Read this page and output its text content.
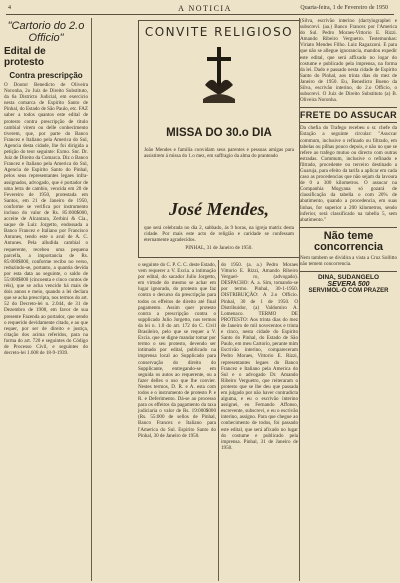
4	A NOTICIA	Quarta-feira, 1 de Fevereiro de 1950
"Cartorio do 2.o Officio"
Edital de protesto
Contra prescripção
O Doutor Benedicto de Oliveira Noronha, 2o Juiz de Direito Substituto, da 6a Districto Judicial, em exercicio nesta comarca de Espirito Santo de Pinhal, do Estado de São Paulo, etc. FAZ saber a todos quantos este edital de protesto contra prescripção de titulo cambial virem ou delle conhecimento tiverem, que, por parte do Banco Francez e Italiano pela America do Sul, Agencia desta cidade, lhe foi dirigida a petição do teor seguinte: Exmo. Snr. Dr. Juiz de Direito da Comarca. Diz o Banco Francez e Italiano pela America do Sul, Agencia de Espirito Santo do Pinhal, pelos seus representantes legaes infra-assignados, advogado, que é portador de uma letra de cambio, vencida em 20 de Fevereiro de 1950, protestada em Santos, em 21 de Janeiro de 1950, conforme se verifica por instrumento incluso do valor de Rs. 85:000$000, acceite de Alcantara, Zerbini & Cia., saque de Luiz Jorgetto, endossada a Banco Francez e Italiano por Francisco Antunes, tendo este o aval de A. C. Antunes. Pela alludida cambial o requerente, recebeu uma pequena parcella, a importancia de Rs. 85:000$000, conforme recibo no verso, reduzindo-se, portanto, a quantia devida por esta data ao seguinte, o saldo de 55:000$000 (cincoenta e cinco contos de réis), que se acha vencido há mais de dois annos e meio, quando a lei declara que se acha prescripta, nos termos do art. 52 do Decreto-lei n. 2.044, de 31 de Dezembro de 1908, em favor de sua presente Fazenda ao portador, que sendo o requerido devidamente citado, e ao que requer, por ser de direito e justiça, citação dos acima referidos, para na forma do art. 720 e seguintes do Código de Processo Civil, e seguintes do decreto-lei 1.608 de 18-9-1939.
CONVITE RELIGIOSO
MISSA DO 30.o DIA
João Mendes e familia convidam seus parentes e pessoas amigas para assistirem á missa do 1.o mez, em suffragio da alma do pranteado
José Mendes,
que será celebrada no dia 2, sabbado, ás 9 horas, na igreja matriz desta cidade. Por mais este acto de religião e caridade se confessam eternamente agradecidos.
PINHAL, 31 de Janeiro de 1950.
o seguinte do C. P. C. C. deste Estado, vem requerer a V. Excia. a intimação por edital, do sacador Julio Jorgetto, em virtude do mesmo se achar em lugar ignorado, do protesto que faz contra o decurso da prescripção para todos os effeitos de direito até final pagamento. Assim quer protesto contra a prescripção contra o supplicado Julio Jorgetto, nos termos da lei n. 1.0 do art. 172 do C. Civil Brasileiro, pelo que se requer a V. Excia. que se digne mandar tomar por termo o seu protesto, devendo ser intimado por edital, publicado na imprensa local ao Supplicado para conservação do direito do Supplicante, entregando-se em seguida os autos ao requerente, ou a fazer delles o uso que lhe convier. Nestes termos, D. R. e A. esta com todos e o instrumento de protesto P. e R. e Deferimento. Dá-se ao processo para os effeitos da pagamento da taxa judiciaria o valor de Rs. 19:000$000 (Rs. 55:000 de sellos de Pinhal, Banco Francez e Italiano para l'America do Sul. Espirito Santo do Pinhal, 30 de Janeiro de 1950.
do 1950. (a. a.) Pedro Moraes Vittorio E. Rizzi, Amando Ribeiro Verguel- ro, (advogado). DESPACHO: A. a. Sim, tomando-se por termo. Pinhal, 30-1-1950. DISTRIBUIÇÃO: A 2.o Officio. Pinhal, 30 de 1 de 1950. O Distribuidor, (a) Valdomiro A. Lomenaco. TERMO DE PROTESTO: Aos trinta dias do mez de Janeiro de mil novecentos e trinta e cinco, nesta cidade do Espirito Santo do Pinhal, do Estado de São Paulo, em meu Cartorio, perante mim Escrivão interino, compareceram Pedro Moraes, Vittorio E. Rizzi, representantes legaes do Banco Francez e Italiano pela America do Sul e o advogado Dr. Amando Ribeiro Verguetro, que reiteraram o protesto que se lhe deu que passada em julgado por não haver contradicta alguma, e eu o escrivão interino assignei, eu Fernando Affonso, escrevente, subscrevi, e eu o escrivão interino, assigno. Para que chegue ao conhecimento de todos, foi passado este edital, que será afixado no lugar do costume e publicado pela imprensa. Pinhal, 31 de Janeiro de 1950.
(Silva, escrivão interino (dactylographei e subscrevi. (aa.) Banco Francez por l'America do Sul. Pedro Moraes-Vittorio E. Rizzi. Amando Ribeiro Verguetro. Testemunhas: Viriato Mendes Filho. Luiz Ragazzoni. E para que não se allegue ignorancia, mandou expedir este edital, que será affixado no logar do costume e publicado pela imprensa, na forma da lei. Dado e passado nesta cidade de Espirito Santo do Pinhal, aos trinta dias do mez de Janeiro de 1950. Eu, Benedicto Bueno da Silva, escrivão interino, do 2.o Officio, o subscrevi. O Juiz de Direito Substituto (a) B. Oliveira Noronha.
FRETE DO ASSUCAR
Da chefia do Trafego recebeu o sr. chefe da Estação a seguinte circular: "Asuccar commum, inclusive o refinado ou filtrado, em tabelas ou pilhas pouco depois, e não no que se refere ao trafego mutuo ou directo com outras estradas. Commum, inclusive o refinado e filtrado, procedente ou terceiro destinado a Guaruja, para efeito da tarifa a aplicar em cada caso as procedencias que não sejam da lavoura de 0 a 300 kilometros. O assucar na Companhia Mogyana só gozará de classificação da tabella o com 20% de abatimento, quando a procedencia, em suas linhas, for superior a 200 kilometros, sendo inferior, será classificado na tabella 5, sem abatimento."
Não teme concorrencia
Nem tambem se dividira a vista a Cruz Sollitto não temem concorrencia.
DINA, SUDANGELO
SEVERA 500
SERVIMOL-O COM PRAZER
